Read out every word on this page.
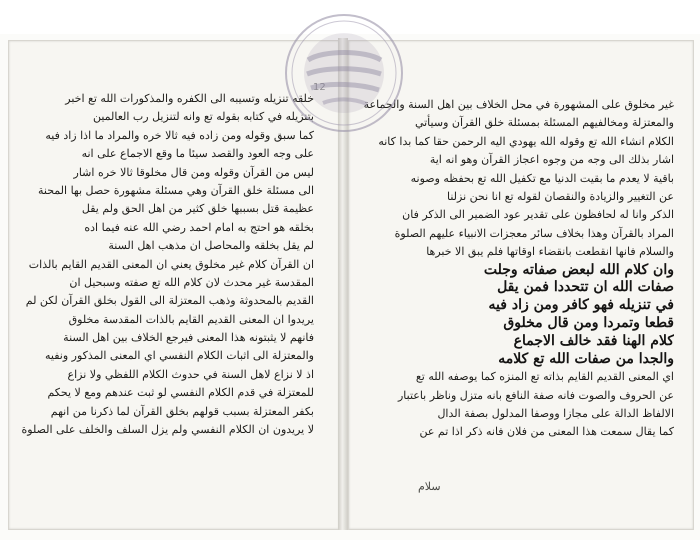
12
خلقه تنزيله وتسيبه الى الكفره والمذكورات الله تع اخبر
بتنزيله في كتابه بقوله تع وانه لتنزيل رب العالمين
كما سبق وقوله ومن زاده فيه ثالا خره والمراد ما اذا زاد فيه
على وجه العود والقصد سيئا ما وقع الاجماع على انه
ليس من القرآن وقوله ومن قال مخلوقا ثالا خره اشار
الى مسئلة خلق القرآن وهي مسئلة مشهورة حصل بها المحنة
عظيمة قتل بسببها خلق كثير من اهل الحق ولم يقل
بخلقه هو احتج به امام احمد رضي الله عنه فيما اده
لم يقل بخلقه والمحاصل ان مذهب اهل السنة
ان القرآن كلام غير مخلوق يعني ان المعنى القديم القايم بالذات
المقدسة غير محدث لان كلام الله تع صفته وسبحيل ان
القديم بالمحدوثة وذهب المعتزلة الى القول بخلق القرآن لكن لم
يريدوا ان المعنى القديم القايم بالذات المقدسة مخلوق
فانهم لا يثبتونه هذا المعنى فيرجع الخلاف بين اهل السنة
والمعتزلة الى اثبات الكلام النفسي اي المعنى المذكور ونفيه
اذ لا نزاع لاهل السنة في حدوث الكلام اللفظي ولا نزاع
للمعتزلة في قدم الكلام النفسي لو ثبت عندهم ومع لا يحكم
بكفر المعتزلة بسبب قولهم بخلق القرآن لما ذكرنا من انهم
لا يريدون ان الكلام النفسي ولم يزل السلف والخلف على الصلوة
غير مخلوق على المشهورة في محل الخلاف بين اهل السنة والجماعة
والمعتزلة ومخالفيهم المسئلة بمسئلة خلق القرآن وسيأتي
الكلام انشاء الله تع وقوله الله يهودي اليه الرحمن حقا كما بدا كانه
اشار بذلك الى وجه من وجوه اعجاز القرآن وهو انه اية
باقية لا يعدم ما بقيت الدنيا مع تكفيل الله تع بحفظه وصونه
عن التغيير والزيادة والنقصان لقوله تع انا نحن نزلنا
الذكر وانا له لحافظون على تقدير عود الضمير الى الذكر فان
المراد بالقرآن وهذا بخلاف سائر معجزات الانبياء عليهم الصلوة
والسلام فانها انقطعت بانقضاء اوقاتها فلم يبق الا خبرها
وان كلام الله لبعض صفاته وجلت
صفات الله ان تتحددا فمن يقل
في تنزيله فهو كافر ومن زاد فيه
قطعا وتمردا ومن قال مخلوق
كلام الهنا فقد خالف الاجماع
والجدا من صفات الله تع كلامه
اي المعنى القديم القايم بذاته تع المنزه كما يوصفه الله تع
عن الحروف والصوت فانه صفة النافع بانه متزل وناظر باعتبار
الالفاظ الدالة على مجازا ووصفا المدلول بصفة الدال
كما يقال سمعت هذا المعنى من فلان فانه ذكر اذا تم عن
سلام
